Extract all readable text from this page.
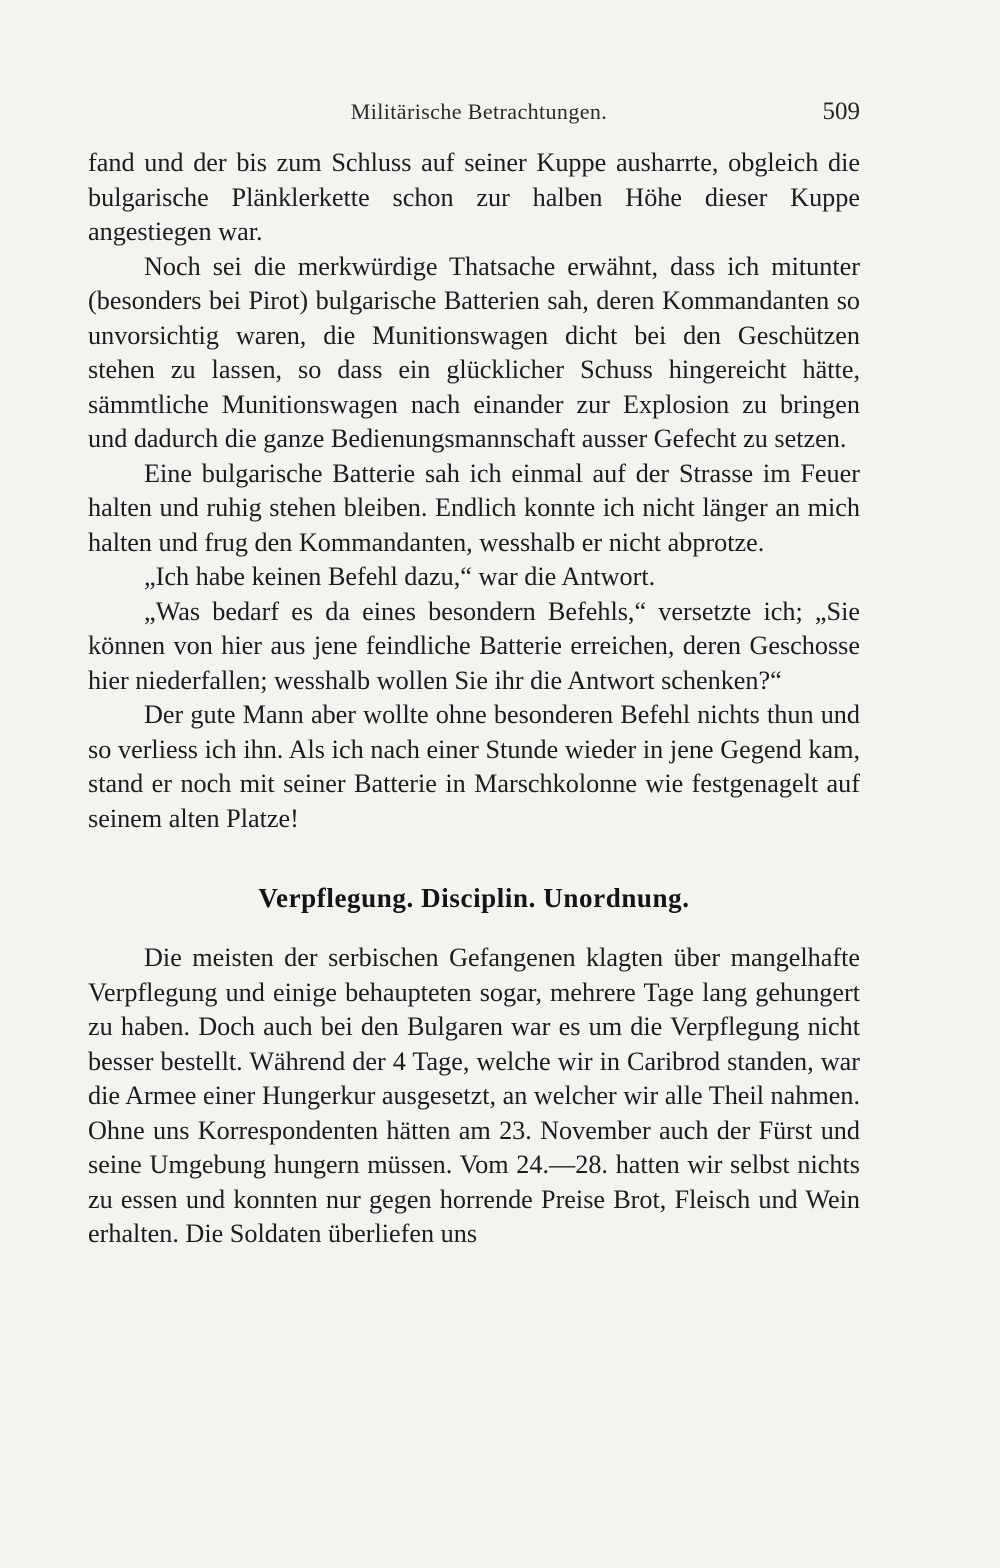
Militärische Betrachtungen.	509

fand und der bis zum Schluss auf seiner Kuppe ausharrte, obgleich die bulgarische Plänklerkette schon zur halben Höhe dieser Kuppe angestiegen war.

Noch sei die merkwürdige Thatsache erwähnt, dass ich mitunter (besonders bei Pirot) bulgarische Batterien sah, deren Kommandanten so unvorsichtig waren, die Munitionswagen dicht bei den Geschützen stehen zu lassen, so dass ein glücklicher Schuss hingereicht hätte, sämmtliche Munitionswagen nach einander zur Explosion zu bringen und dadurch die ganze Bedienungsmannschaft ausser Gefecht zu setzen.

Eine bulgarische Batterie sah ich einmal auf der Strasse im Feuer halten und ruhig stehen bleiben. Endlich konnte ich nicht länger an mich halten und frug den Kommandanten, wesshalb er nicht abprotze.

„Ich habe keinen Befehl dazu,“ war die Antwort.

„Was bedarf es da eines besondern Befehls,“ versetzte ich; „Sie können von hier aus jene feindliche Batterie erreichen, deren Geschosse hier niederfallen; wesshalb wollen Sie ihr die Antwort schenken?“

Der gute Mann aber wollte ohne besonderen Befehl nichts thun und so verliess ich ihn. Als ich nach einer Stunde wieder in jene Gegend kam, stand er noch mit seiner Batterie in Marschkolonne wie festgenagelt auf seinem alten Platze!

Verpflegung. Disciplin. Unordnung.

Die meisten der serbischen Gefangenen klagten über mangelhafte Verpflegung und einige behaupteten sogar, mehrere Tage lang gehungert zu haben. Doch auch bei den Bulgaren war es um die Verpflegung nicht besser bestellt. Während der 4 Tage, welche wir in Caribrod standen, war die Armee einer Hungerkur ausgesetzt, an welcher wir alle Theil nahmen. Ohne uns Korrespondenten hätten am 23. November auch der Fürst und seine Umgebung hungern müssen. Vom 24.—28. hatten wir selbst nichts zu essen und konnten nur gegen horrende Preise Brot, Fleisch und Wein erhalten. Die Soldaten überliefen uns
